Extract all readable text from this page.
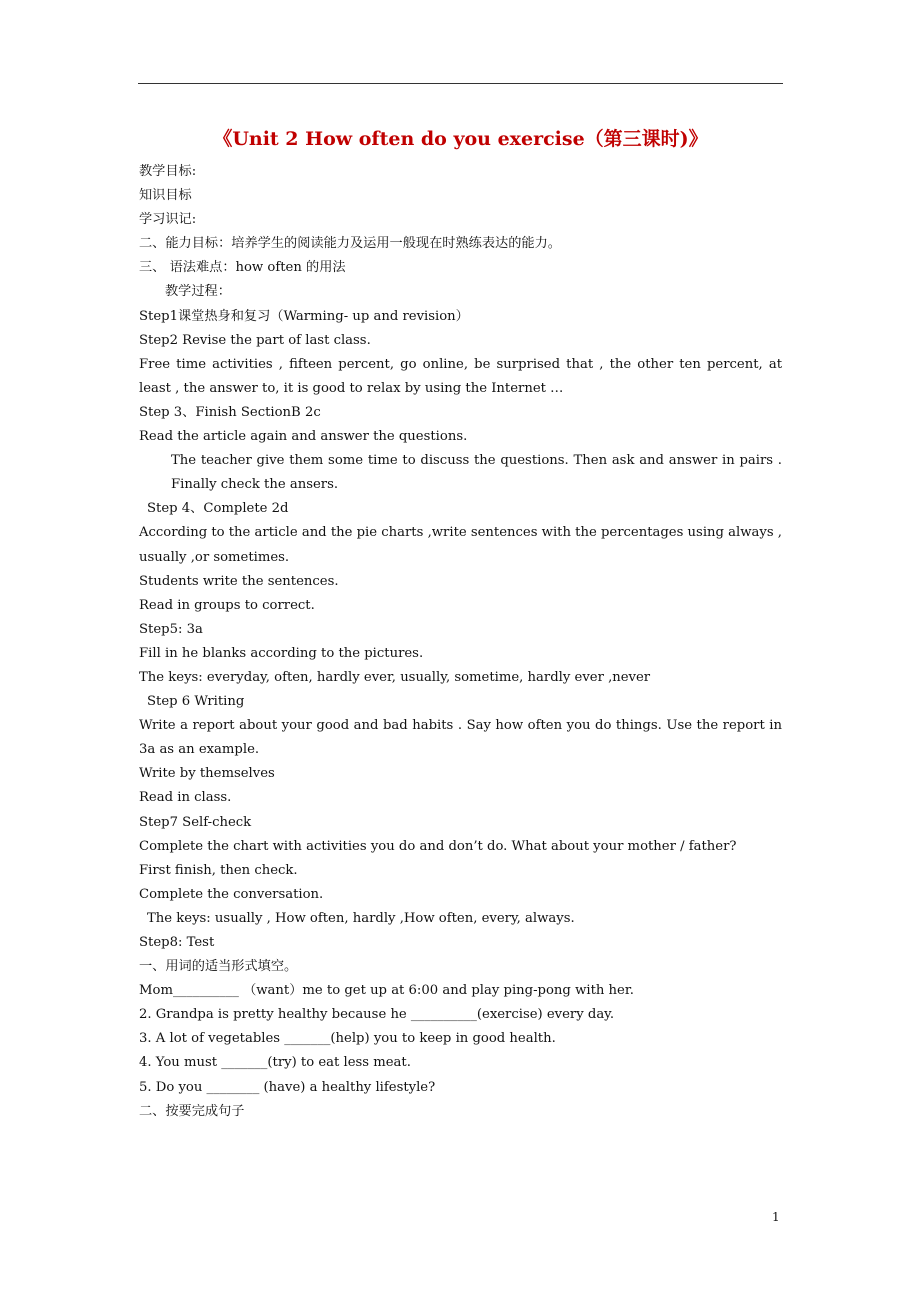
《Unit 2 How often do you exercise（第三课时)》

教学目标:

知识目标

学习识记:

二、能力目标：培养学生的阅读能力及运用一般现在时熟练表达的能力。

三、 语法难点：how often 的用法

教学过程：

Step1课堂热身和复习（Warming- up and revision）

Step2 Revise the part of last class.

Free time activities , fifteen percent, go online, be surprised that , the other ten percent, at least , the answer to, it is good to relax by using the Internet …

Step 3、Finish SectionB 2c

Read the article again and answer the questions.

The teacher give them some time to discuss the questions. Then ask and answer in pairs . Finally check the ansers.

Step 4、Complete 2d

According to the article and the pie charts ,write sentences with the percentages using always , usually ,or sometimes.

Students write the sentences.

Read in groups to correct.

Step5: 3a

Fill in he blanks according to the pictures.

The keys: everyday, often, hardly ever, usually, sometime, hardly ever ,never

Step 6 Writing

Write a report about your good and bad habits . Say how often you do things. Use the report in 3a as an example.

Write by themselves

Read in class.

Step7 Self-check

Complete the chart with activities you do and don’t do. What about your mother / father?

First finish, then check.

Complete the conversation.

The keys: usually , How often, hardly ,How often, every, always.

Step8: Test

一、用词的适当形式填空。

Mom__________ （want）me to get up at 6:00 and play ping-pong with her.

2. Grandpa is pretty healthy because he __________(exercise) every day.

3. A lot of vegetables _______(help) you to keep in good health.

4. You must _______(try) to eat less meat.

5. Do you ________ (have) a healthy lifestyle?

二、按要完成句子

1
